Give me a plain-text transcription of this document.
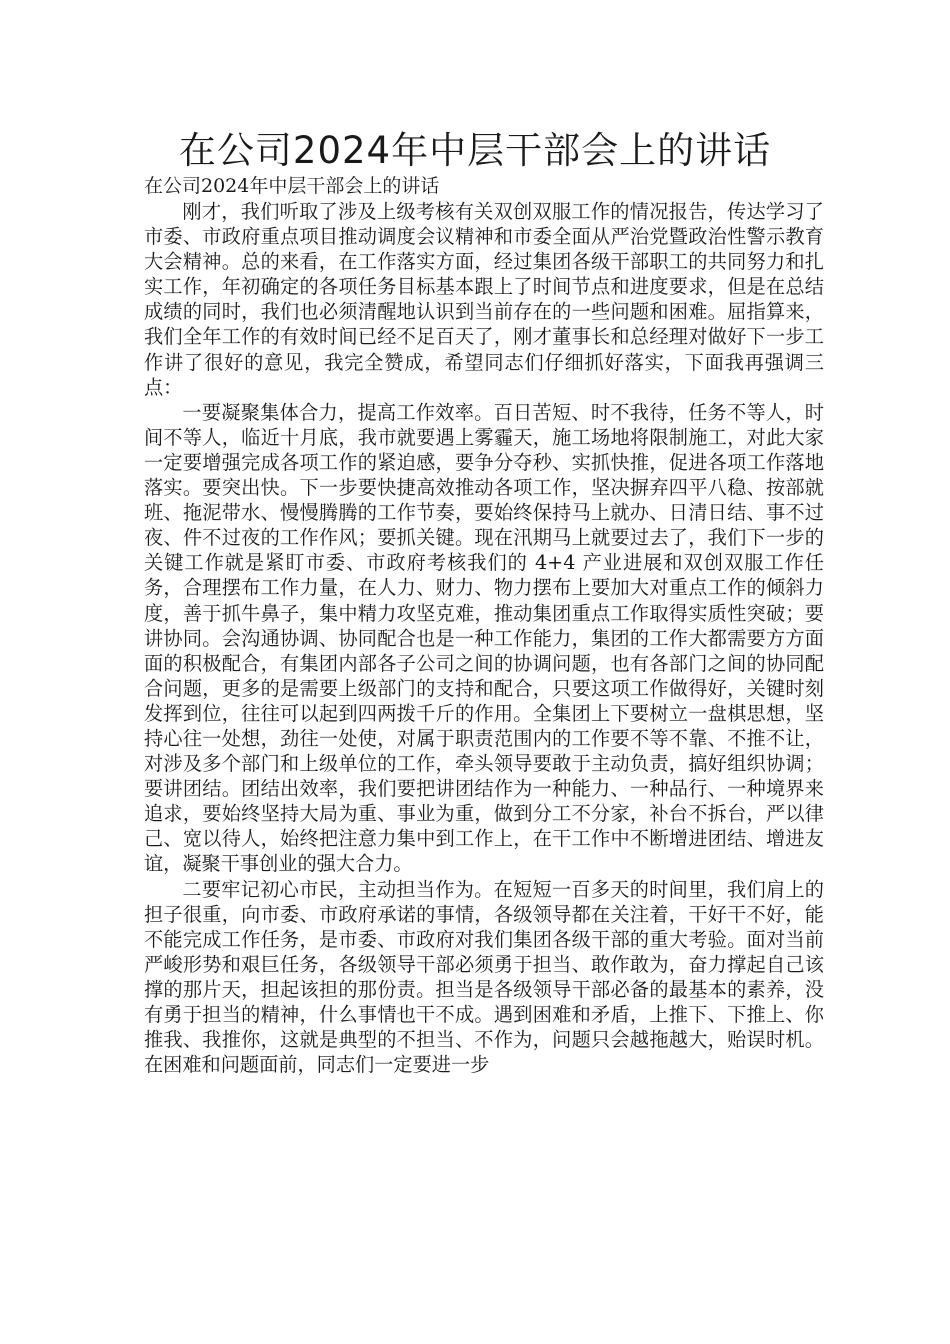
在公司2024年中层干部会上的讲话

在公司2024年中层干部会上的讲话

刚才，我们听取了涉及上级考核有关双创双服工作的情况报告，传达学习了市委、市政府重点项目推动调度会议精神和市委全面从严治党暨政治性警示教育大会精神。总的来看，在工作落实方面，经过集团各级干部职工的共同努力和扎实工作，年初确定的各项任务目标基本跟上了时间节点和进度要求，但是在总结成绩的同时，我们也必须清醒地认识到当前存在的一些问题和困难。屈指算来，我们全年工作的有效时间已经不足百天了，刚才董事长和总经理对做好下一步工作讲了很好的意见，我完全赞成，希望同志们仔细抓好落实，下面我再强调三点：

一要凝聚集体合力，提高工作效率。百日苦短、时不我待，任务不等人，时间不等人，临近十月底，我市就要遇上雾霾天，施工场地将限制施工，对此大家一定要增强完成各项工作的紧迫感，要争分夺秒、实抓快推，促进各项工作落地落实。要突出快。下一步要快捷高效推动各项工作，坚决摒弃四平八稳、按部就班、拖泥带水、慢慢腾腾的工作节奏，要始终保持马上就办、日清日结、事不过夜、件不过夜的工作作风；要抓关键。现在汛期马上就要过去了，我们下一步的关键工作就是紧盯市委、市政府考核我们的 4+4 产业进展和双创双服工作任务，合理摆布工作力量，在人力、财力、物力摆布上要加大对重点工作的倾斜力度，善于抓牛鼻子，集中精力攻坚克难，推动集团重点工作取得实质性突破；要讲协同。会沟通协调、协同配合也是一种工作能力，集团的工作大都需要方方面面的积极配合，有集团内部各子公司之间的协调问题，也有各部门之间的协同配合问题，更多的是需要上级部门的支持和配合，只要这项工作做得好，关键时刻发挥到位，往往可以起到四两拨千斤的作用。全集团上下要树立一盘棋思想，坚持心往一处想，劲往一处使，对属于职责范围内的工作要不等不靠、不推不让，对涉及多个部门和上级单位的工作，牵头领导要敢于主动负责，搞好组织协调；要讲团结。团结出效率，我们要把讲团结作为一种能力、一种品行、一种境界来追求，要始终坚持大局为重、事业为重，做到分工不分家，补台不拆台，严以律己、宽以待人，始终把注意力集中到工作上，在干工作中不断增进团结、增进友谊，凝聚干事创业的强大合力。

二要牢记初心市民，主动担当作为。在短短一百多天的时间里，我们肩上的担子很重，向市委、市政府承诺的事情，各级领导都在关注着，干好干不好，能不能完成工作任务，是市委、市政府对我们集团各级干部的重大考验。面对当前严峻形势和艰巨任务，各级领导干部必须勇于担当、敢作敢为，奋力撑起自己该撑的那片天，担起该担的那份责。担当是各级领导干部必备的最基本的素养，没有勇于担当的精神，什么事情也干不成。遇到困难和矛盾，上推下、下推上、你推我、我推你，这就是典型的不担当、不作为，问题只会越拖越大，贻误时机。在困难和问题面前，同志们一定要进一步
